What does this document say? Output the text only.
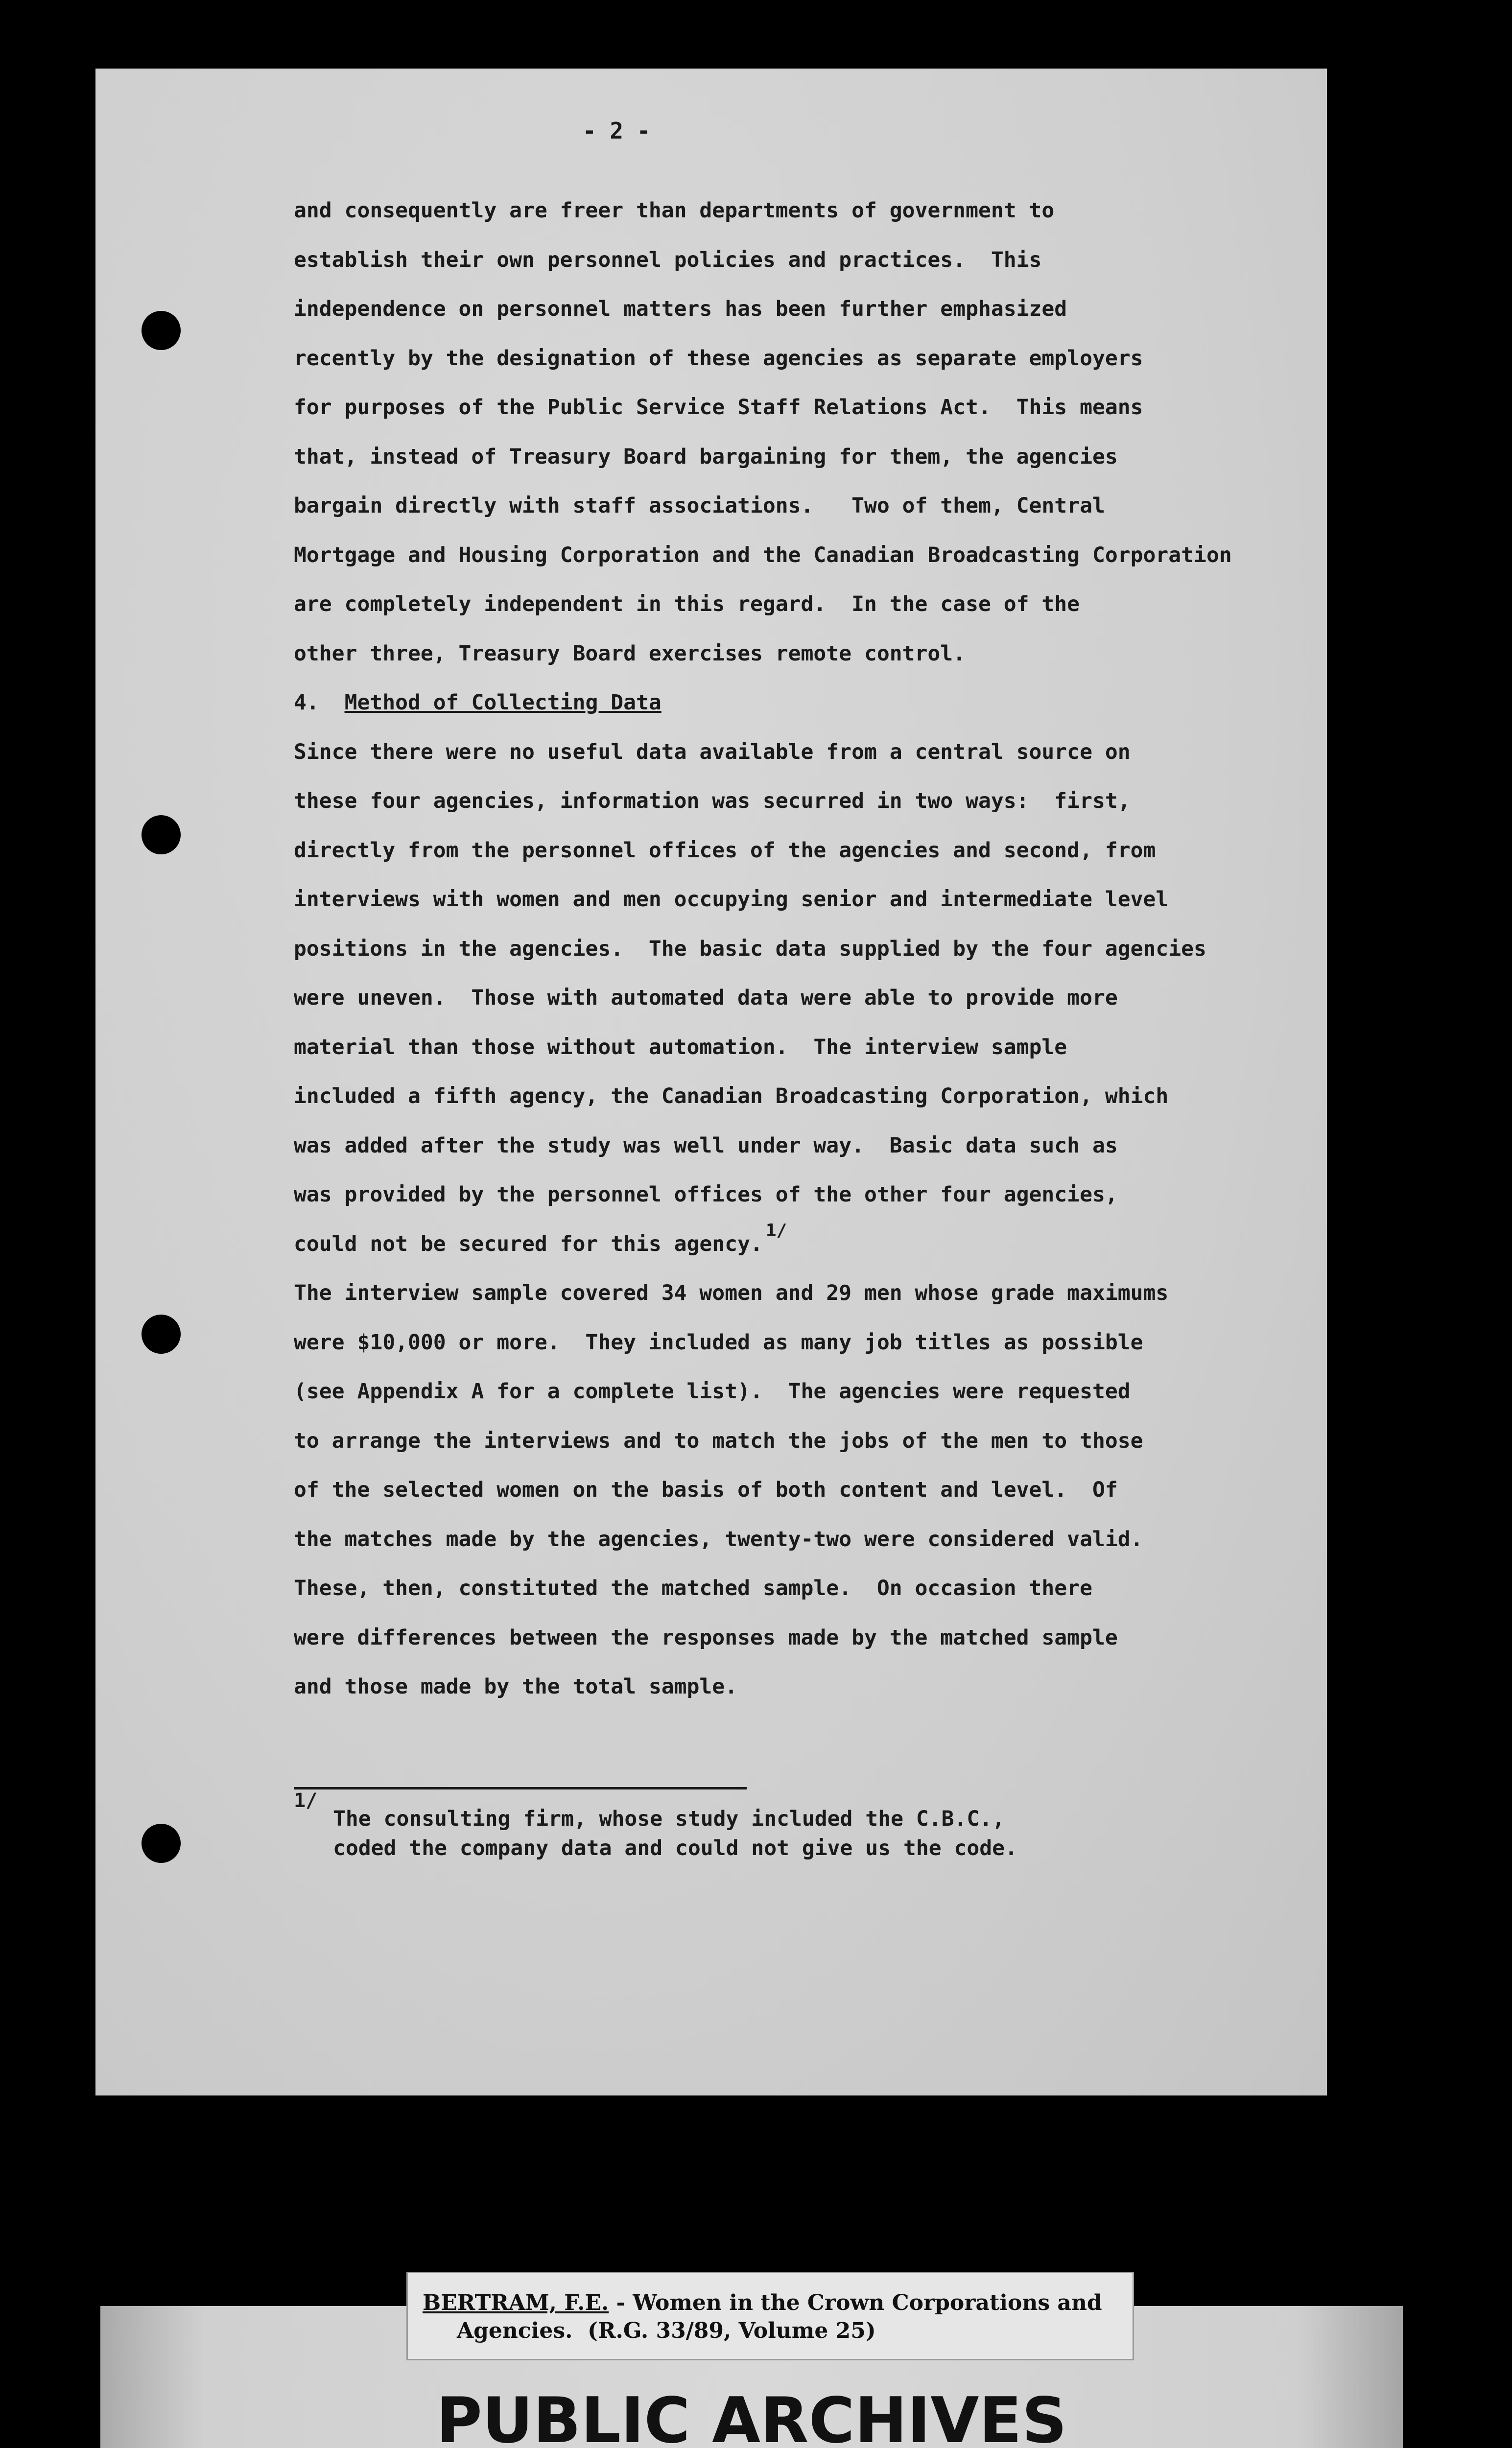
- 2 -
and consequently are freer than departments of government to
establish their own personnel policies and practices.  This
independence on personnel matters has been further emphasized
recently by the designation of these agencies as separate employers
for purposes of the Public Service Staff Relations Act.  This means
that, instead of Treasury Board bargaining for them, the agencies
bargain directly with staff associations.   Two of them, Central
Mortgage and Housing Corporation and the Canadian Broadcasting Corporation
are completely independent in this regard.  In the case of the
other three, Treasury Board exercises remote control.
4. Method of Collecting Data
Since there were no useful data available from a central source on
these four agencies, information was securred in two ways:  first,
directly from the personnel offices of the agencies and second, from
interviews with women and men occupying senior and intermediate level
positions in the agencies.  The basic data supplied by the four agencies
were uneven.  Those with automated data were able to provide more
material than those without automation.  The interview sample
included a fifth agency, the Canadian Broadcasting Corporation, which
was added after the study was well under way.  Basic data such as
was provided by the personnel offices of the other four agencies,
could not be secured for this agency.$^{1/}$
The interview sample covered 34 women and 29 men whose grade maximums
were $10,000 or more.  They included as many job titles as possible
(see Appendix A for a complete list).  The agencies were requested
to arrange the interviews and to match the jobs of the men to those
of the selected women on the basis of both content and level.  Of
the matches made by the agencies, twenty-two were considered valid.
These, then, constituted the matched sample.  On occasion there
were differences between the responses made by the matched sample
and those made by the total sample.
1/
The consulting firm, whose study included the C.B.C.,
coded the company data and could not give us the code.
BERTRAM, F.E. - Women in the Crown Corporations and
Agencies.  (R.G. 33/89, Volume 25)
PUBLIC ARCHIVES
